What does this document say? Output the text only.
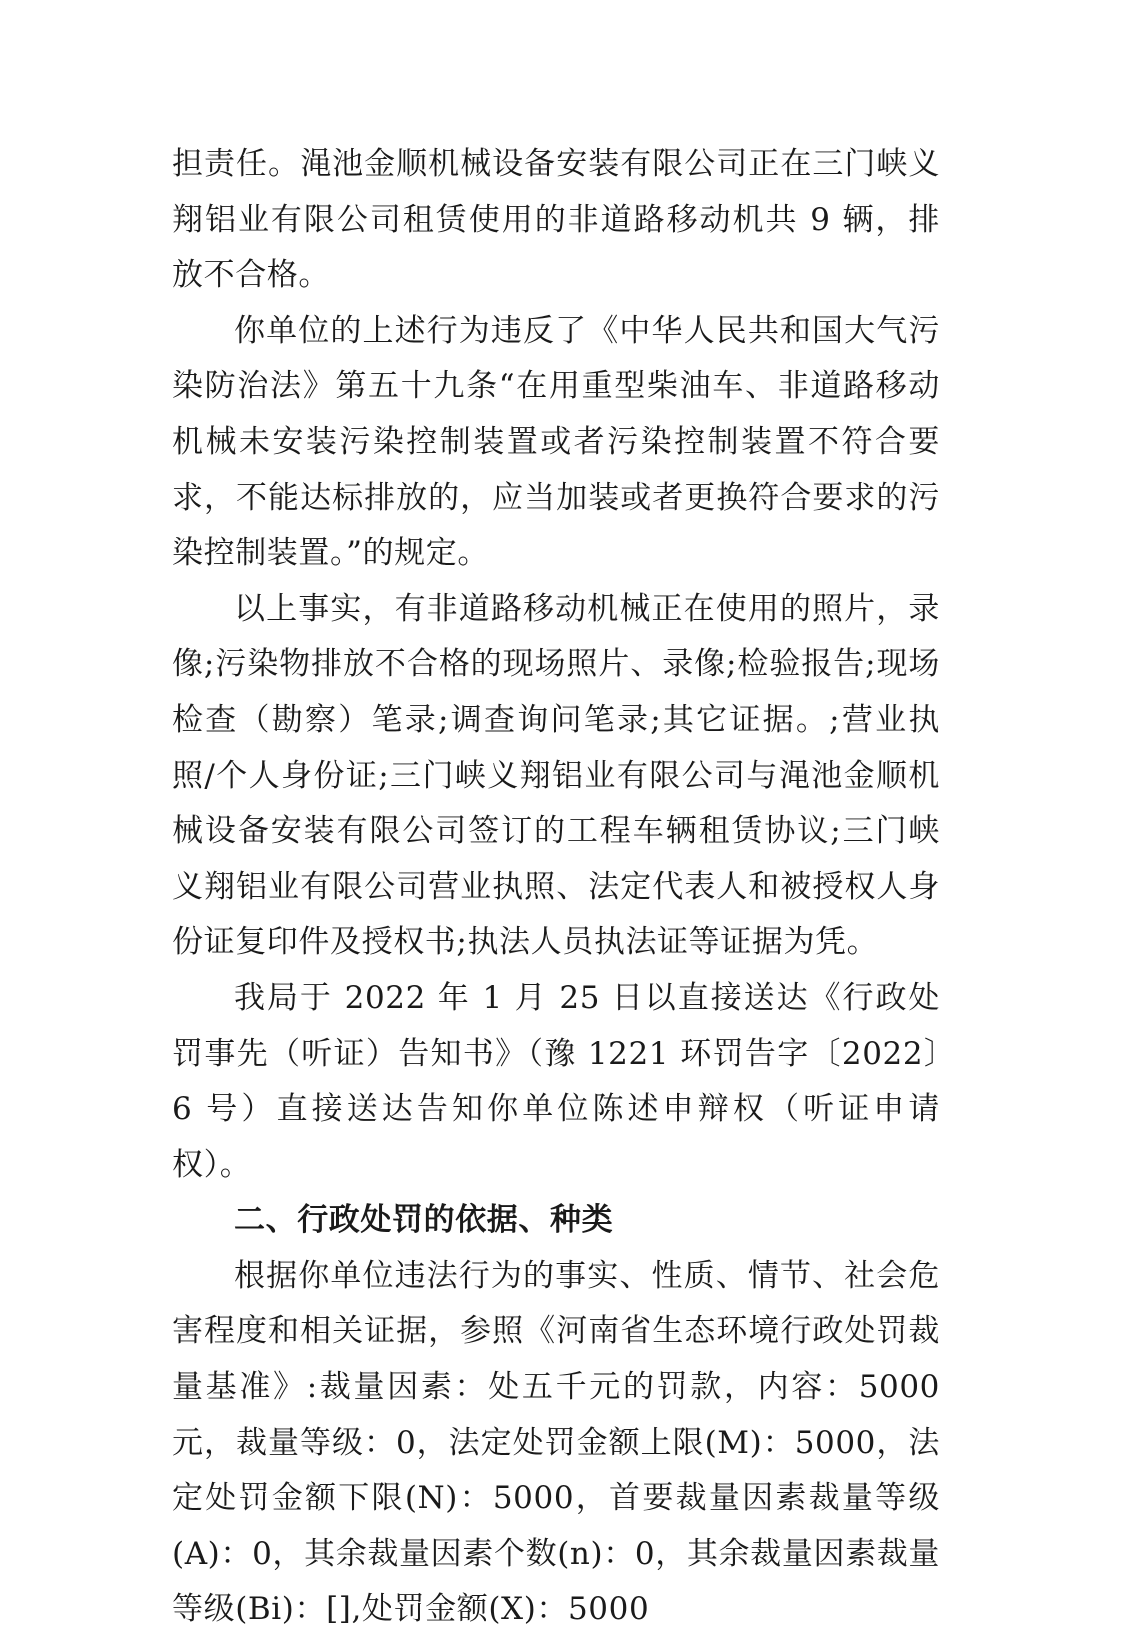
担责任。渑池金顺机械设备安装有限公司正在三门峡义翔铝业有限公司租赁使用的非道路移动机共 9 辆，排放不合格。

你单位的上述行为违反了《中华人民共和国大气污染防治法》第五十九条“在用重型柴油车、非道路移动机械未安装污染控制装置或者污染控制装置不符合要求，不能达标排放的，应当加装或者更换符合要求的污染控制装置。”的规定。

以上事实，有非道路移动机械正在使用的照片，录像;污染物排放不合格的现场照片、录像;检验报告;现场检查（勘察）笔录;调查询问笔录;其它证据。;营业执照/个人身份证;三门峡义翔铝业有限公司与渑池金顺机械设备安装有限公司签订的工程车辆租赁协议;三门峡义翔铝业有限公司营业执照、法定代表人和被授权人身份证复印件及授权书;执法人员执法证等证据为凭。

我局于 2022 年 1 月 25 日以直接送达《行政处罚事先（听证）告知书》（豫 1221 环罚告字〔2022〕6 号）直接送达告知你单位陈述申辩权（听证申请权）。

二、行政处罚的依据、种类

根据你单位违法行为的事实、性质、情节、社会危害程度和相关证据，参照《河南省生态环境行政处罚裁量基准》:裁量因素：处五千元的罚款，内容：5000 元，裁量等级：0，法定处罚金额上限(M)：5000，法定处罚金额下限(N)：5000，首要裁量因素裁量等级(A)：0，其余裁量因素个数(n)：0，其余裁量因素裁量等级(Bi)：[],处罚金额(X)：5000
